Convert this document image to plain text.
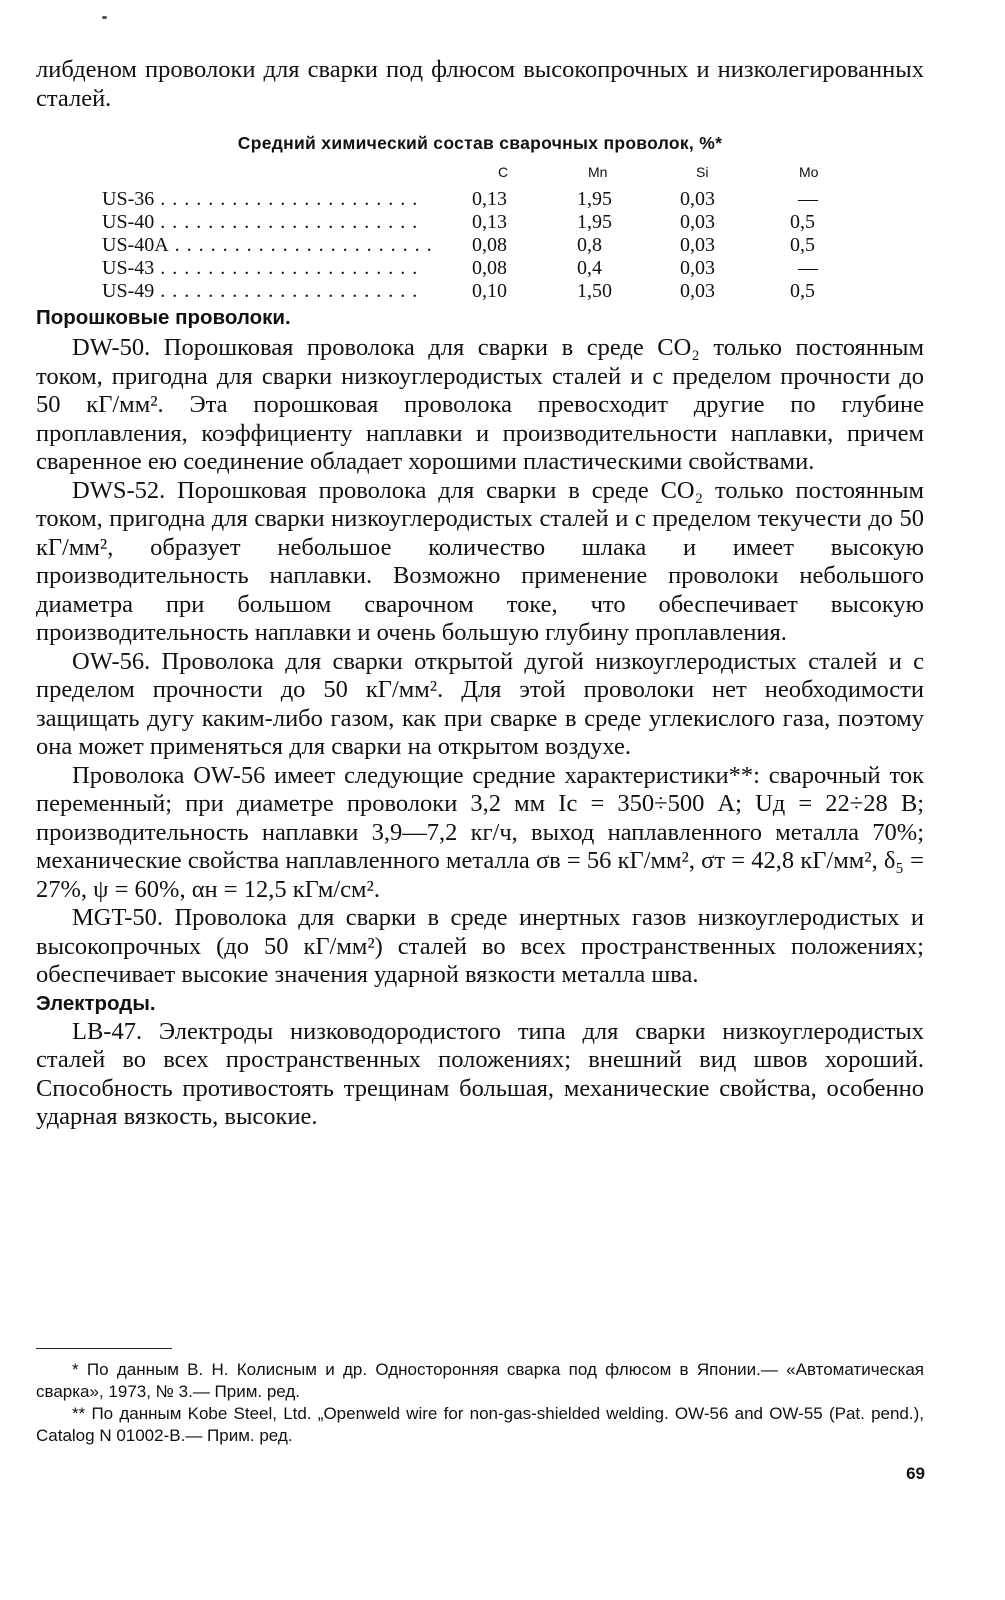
либденом проволоки для сварки под флюсом высокопрочных и низколегированных сталей.

Средний химический состав сварочных проволок, %*
C	Mn	Si	Mo
US-36 . . .	0,13	1,95	0,03	—
US-40 . . .	0,13	1,95	0,03	0,5
US-40A . . .	0,08	0,8	0,03	0,5
US-43 . . .	0,08	0,4	0,03	—
US-49 . . .	0,10	1,50	0,03	0,5
Порошковые проволоки.

DW-50. Порошковая проволока для сварки в среде CO₂ только постоянным током, пригодна для сварки низкоуглеродистых сталей и с пределом прочности до 50 кГ/мм². Эта порошковая проволока превосходит другие по глубине проплавления, коэффициенту наплавки и производительности наплавки, причем сваренное ею соединение обладает хорошими пластическими свойствами.

DWS-52. Порошковая проволока для сварки в среде CO₂ только постоянным током, пригодна для сварки низкоуглеродистых сталей и с пределом текучести до 50 кГ/мм², образует небольшое количество шлака и имеет высокую производительность наплавки. Возможно применение проволоки небольшого диаметра при большом сварочном токе, что обеспечивает высокую производительность наплавки и очень большую глубину проплавления.

OW-56. Проволока для сварки открытой дугой низкоуглеродистых сталей и с пределом прочности до 50 кГ/мм². Для этой проволоки нет необходимости защищать дугу каким-либо газом, как при сварке в среде углекислого газа, поэтому она может применяться для сварки на открытом воздухе.

Проволока OW-56 имеет следующие средние характеристики**: сварочный ток переменный; при диаметре проволоки 3,2 мм Iс = 350÷500 А; Uд = 22÷28 В; производительность наплавки 3,9—7,2 кг/ч, выход наплавленного металла 70%; механические свойства наплавленного металла σв = 56 кГ/мм², σт = 42,8 кГ/мм², δ₅ = 27%, ψ = 60%, αн = 12,5 кГм/см².

MGT-50. Проволока для сварки в среде инертных газов низкоуглеродистых и высокопрочных (до 50 кГ/мм²) сталей во всех пространственных положениях; обеспечивает высокие значения ударной вязкости металла шва.

Электроды.

LB-47. Электроды низководородистого типа для сварки низкоуглеродистых сталей во всех пространственных положениях; внешний вид швов хороший. Способность противостоять трещинам большая, механические свойства, особенно ударная вязкость, высокие.

* По данным В. Н. Колисным и др. Односторонняя сварка под флюсом в Японии.— «Автоматическая сварка», 1973, № 3.— Прим. ред.

** По данным Kobe Steel, Ltd. „Openweld wire for non-gas-shielded welding. OW-56 and OW-55 (Pat. pend.), Catalog N 01002-B.— Прим. ред.

69
